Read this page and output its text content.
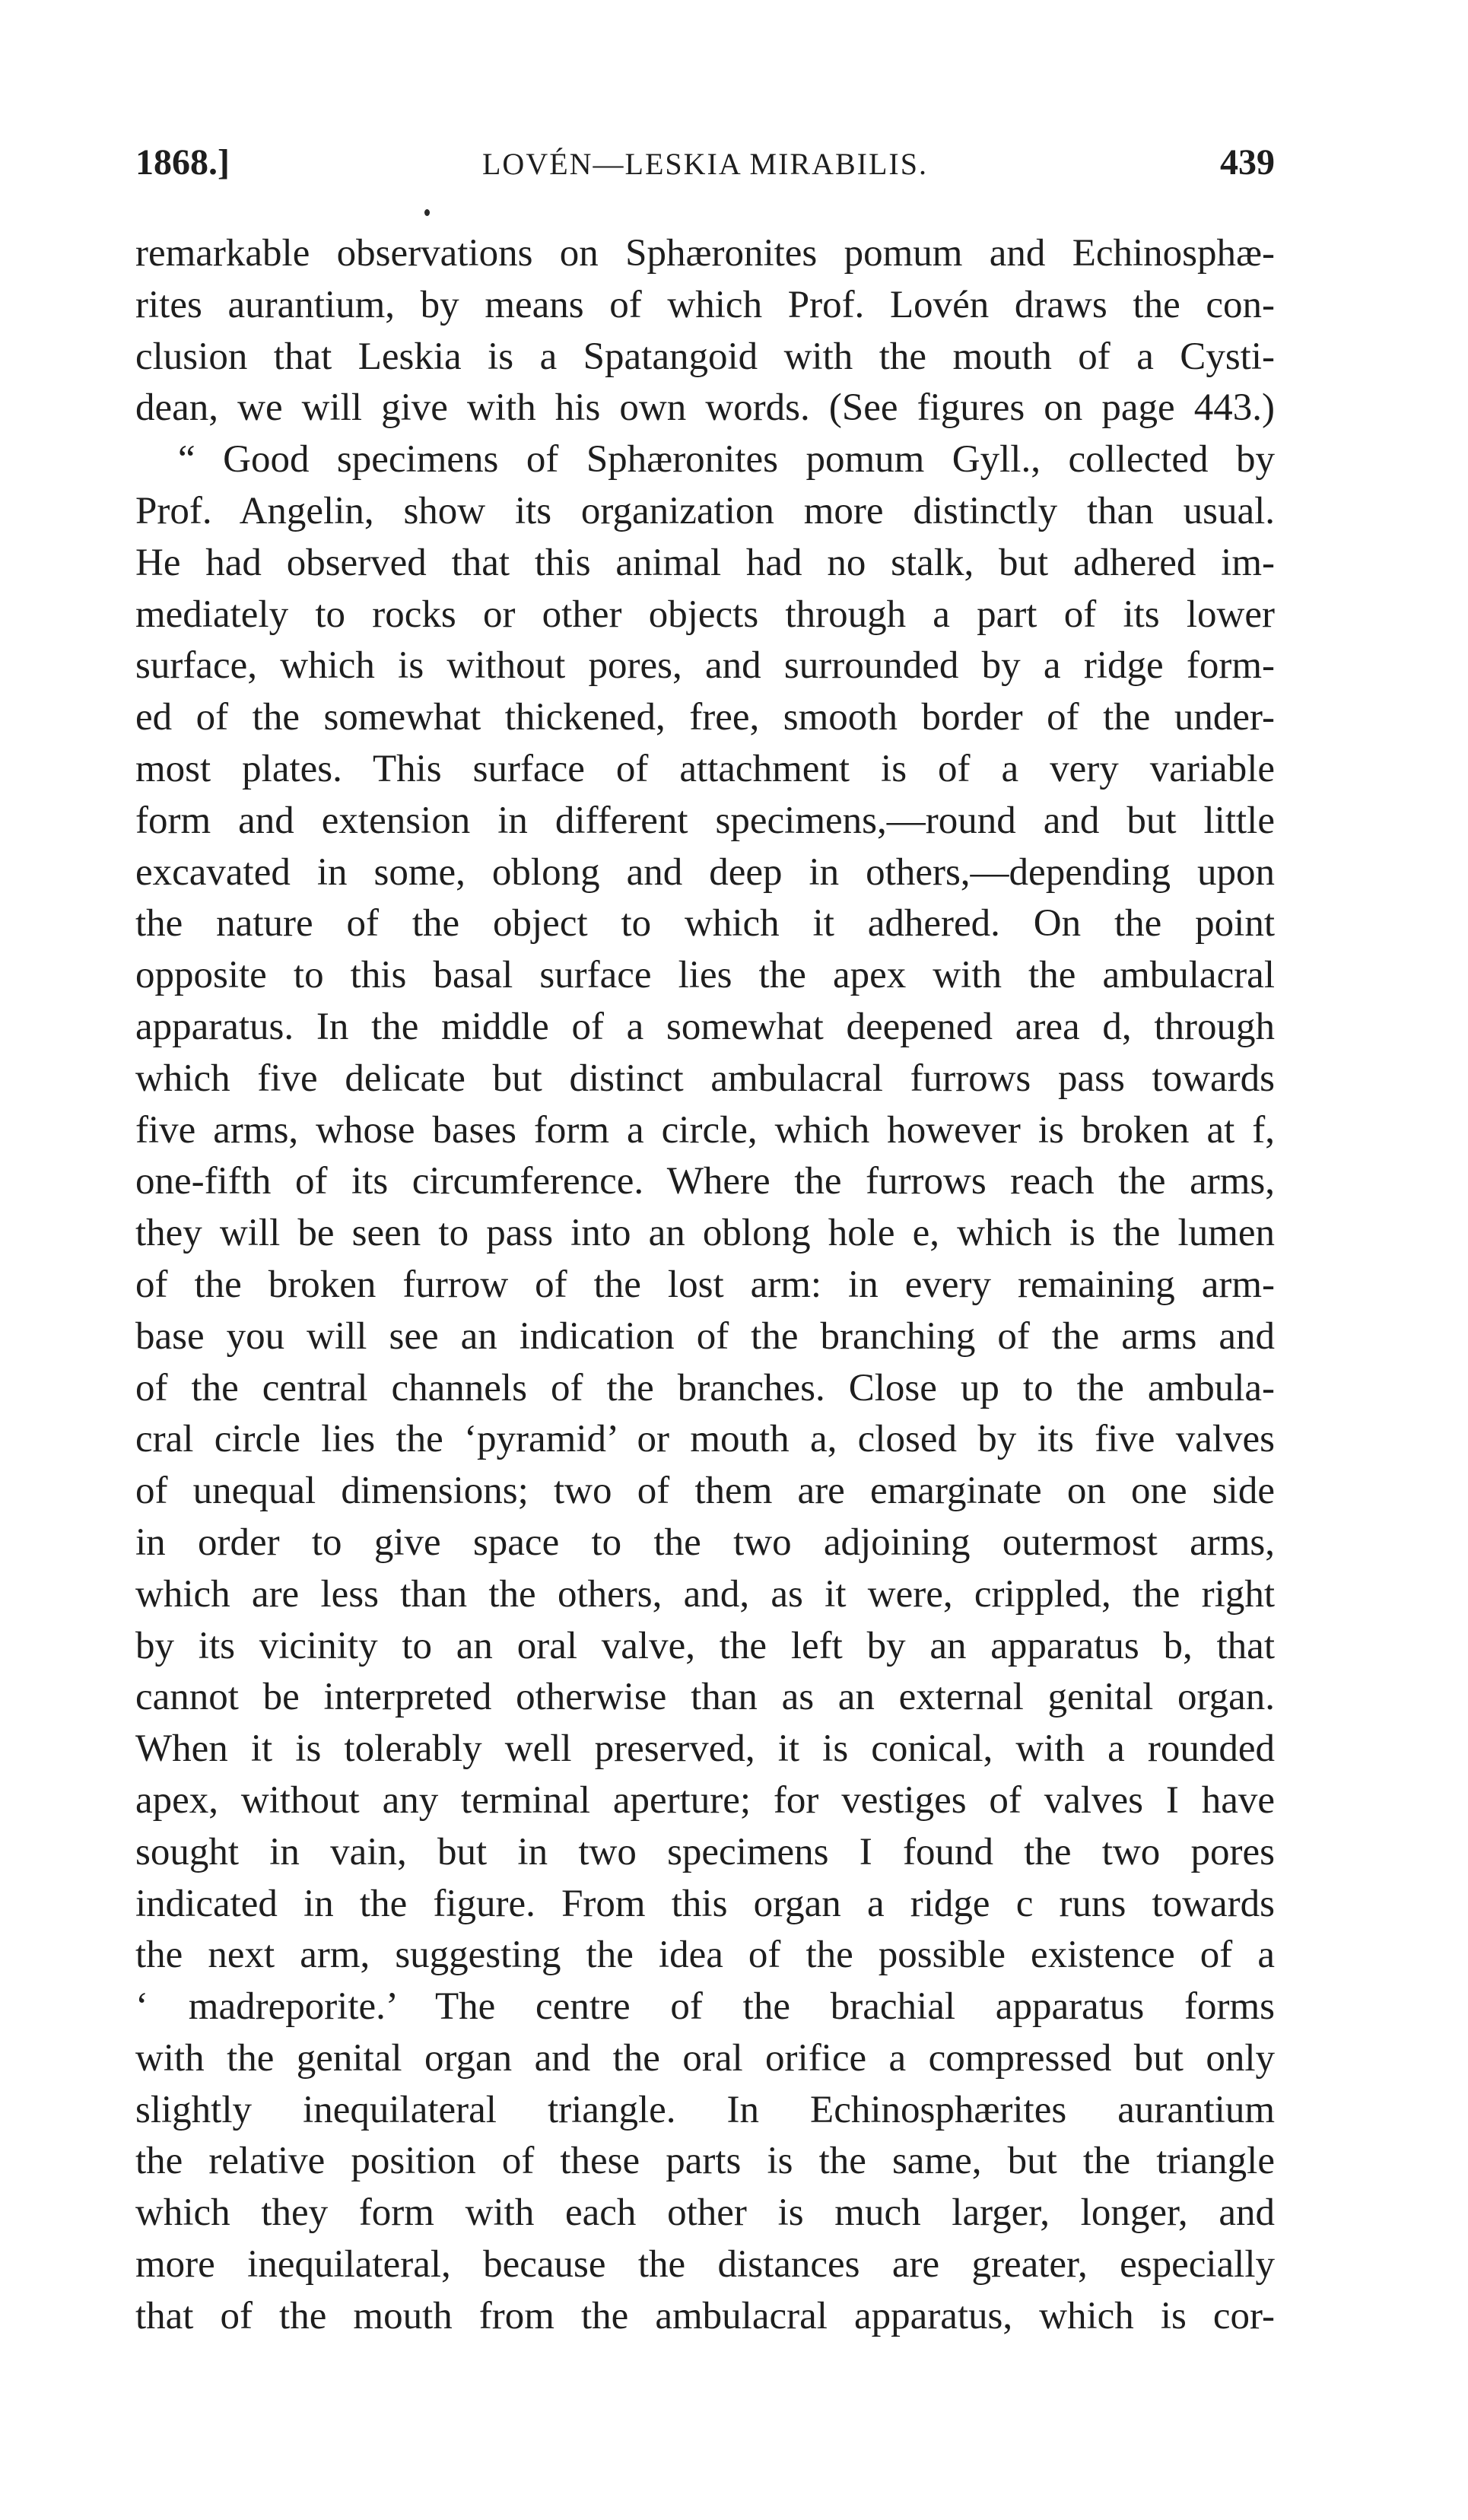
1868.]	LOVÉN—LESKIA MIRABILIS.	439
remarkable observations on Sphæronites pomum and Echinosphæ-
rites aurantium, by means of which Prof. Lovén draws the con-
clusion that Leskia is a Spatangoid with the mouth of a Cysti-
dean, we will give with his own words. (See figures on page 443.)
“ Good specimens of Sphæronites pomum Gyll., collected by
Prof. Angelin, show its organization more distinctly than usual.
He had observed that this animal had no stalk, but adhered im-
mediately to rocks or other objects through a part of its lower
surface, which is without pores, and surrounded by a ridge form-
ed of the somewhat thickened, free, smooth border of the under-
most plates. This surface of attachment is of a very variable
form and extension in different specimens,—round and but little
excavated in some, oblong and deep in others,—depending upon
the nature of the object to which it adhered. On the point
opposite to this basal surface lies the apex with the ambulacral
apparatus. In the middle of a somewhat deepened area d, through
which five delicate but distinct ambulacral furrows pass towards
five arms, whose bases form a circle, which however is broken at f,
one-fifth of its circumference. Where the furrows reach the arms,
they will be seen to pass into an oblong hole e, which is the lumen
of the broken furrow of the lost arm: in every remaining arm-
base you will see an indication of the branching of the arms and
of the central channels of the branches. Close up to the ambula-
cral circle lies the ‘pyramid’ or mouth a, closed by its five valves
of unequal dimensions; two of them are emarginate on one side
in order to give space to the two adjoining outermost arms,
which are less than the others, and, as it were, crippled, the right
by its vicinity to an oral valve, the left by an apparatus b, that
cannot be interpreted otherwise than as an external genital organ.
When it is tolerably well preserved, it is conical, with a rounded
apex, without any terminal aperture; for vestiges of valves I have
sought in vain, but in two specimens I found the two pores
indicated in the figure. From this organ a ridge c runs towards
the next arm, suggesting the idea of the possible existence of a
‘ madreporite.’ The centre of the brachial apparatus forms
with the genital organ and the oral orifice a compressed but only
slightly inequilateral triangle. In Echinosphærites aurantium
the relative position of these parts is the same, but the triangle
which they form with each other is much larger, longer, and
more inequilateral, because the distances are greater, especially
that of the mouth from the ambulacral apparatus, which is cor-
